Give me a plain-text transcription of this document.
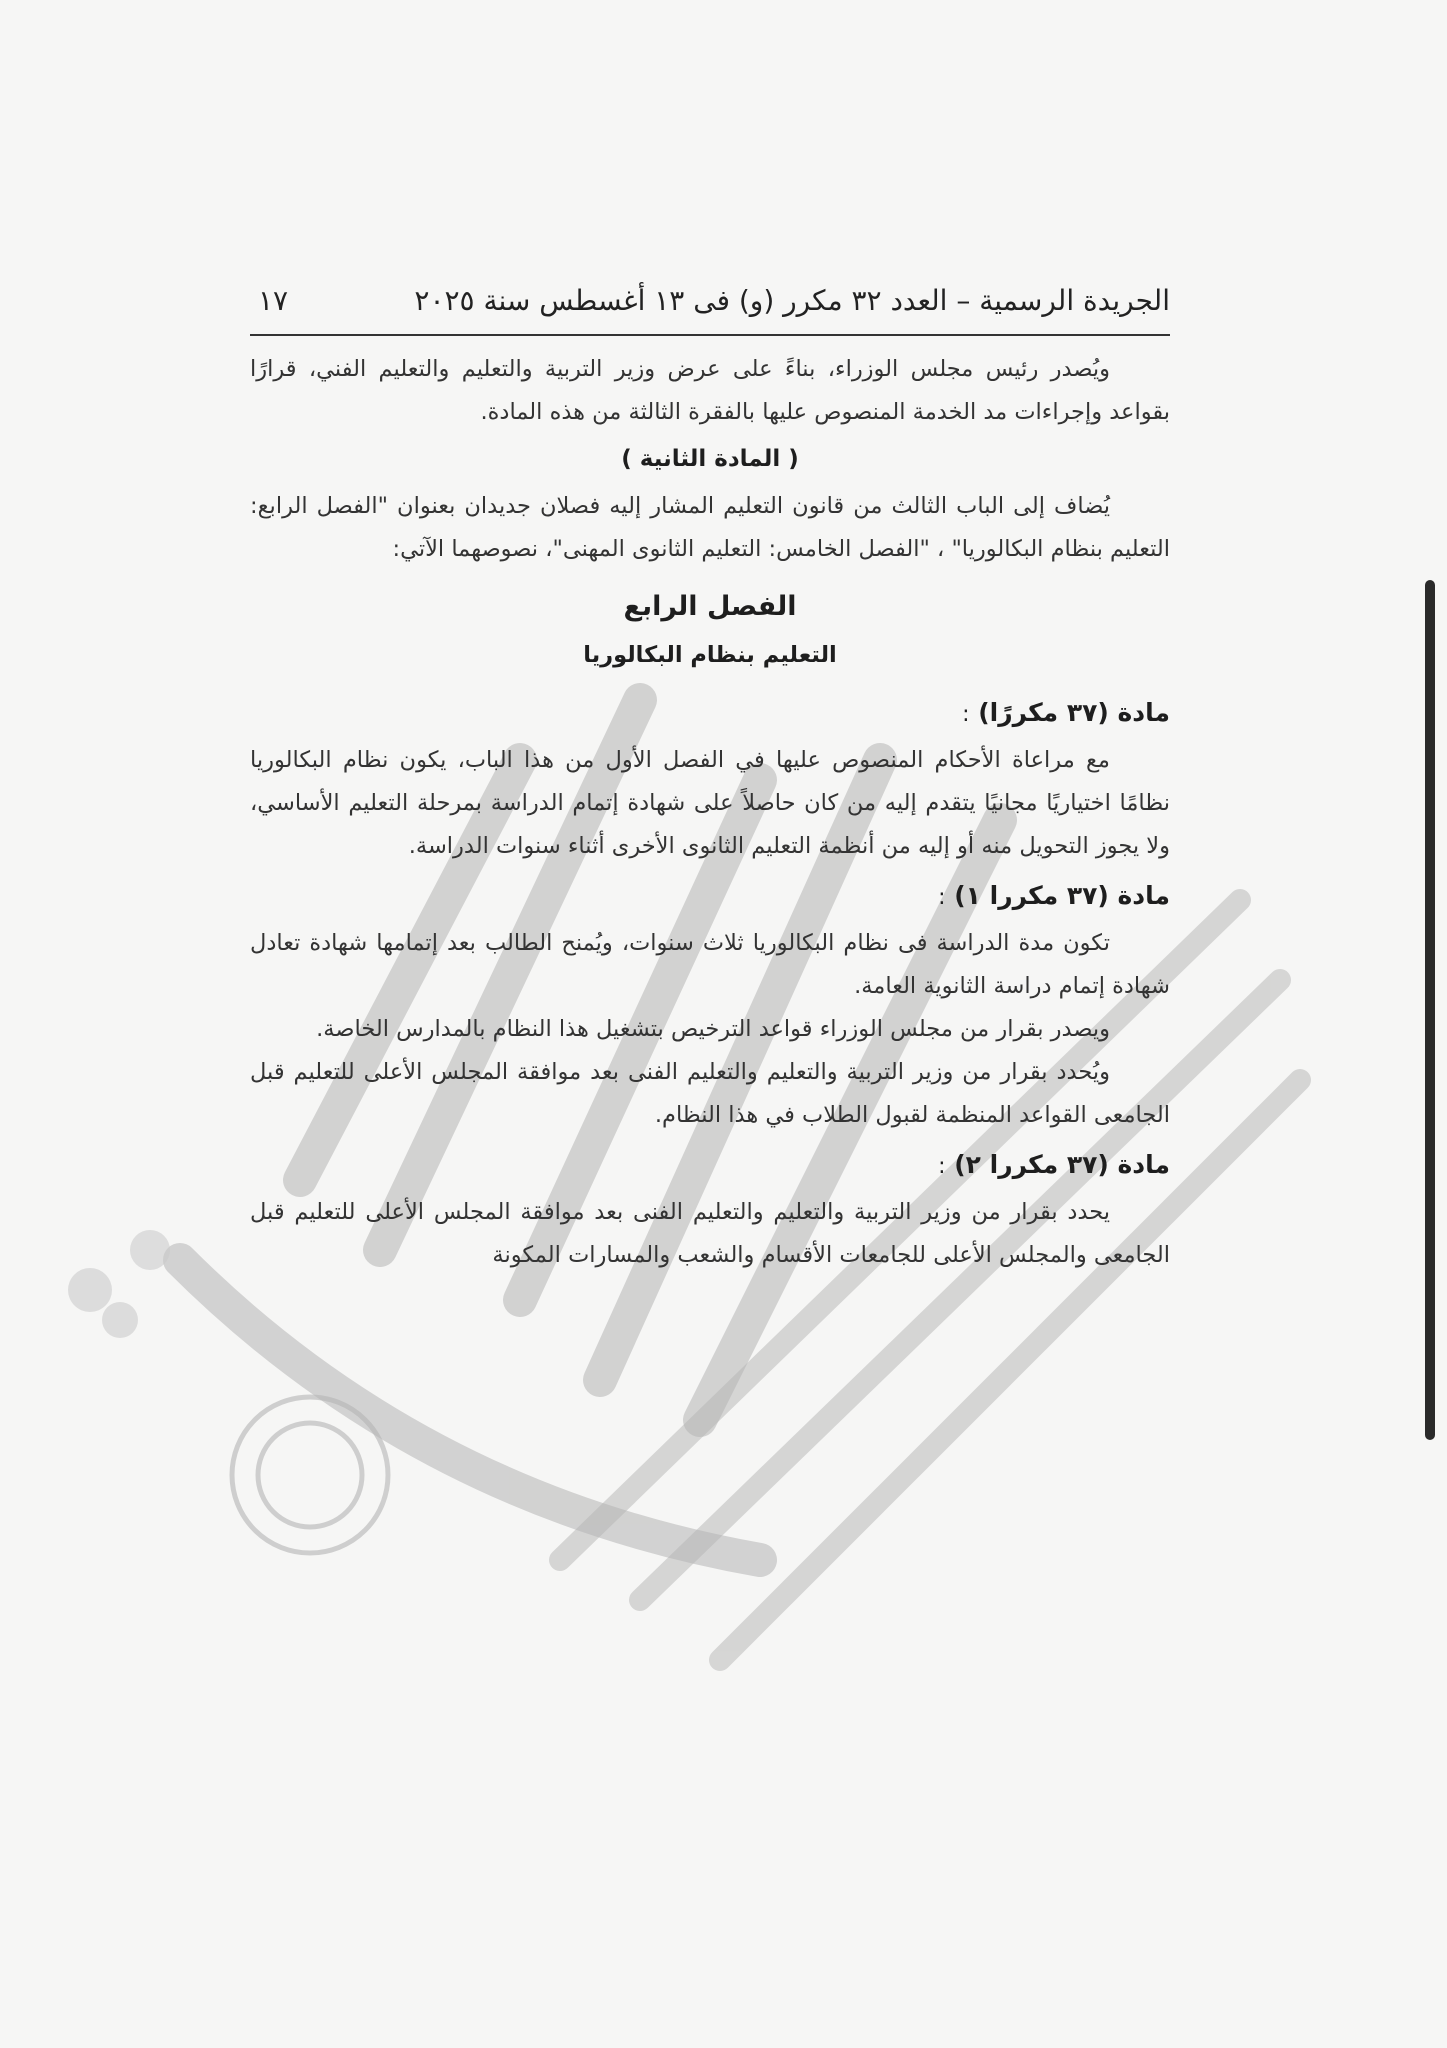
الجريدة الرسمية – العدد ٣٢ مكرر (و) فى ١٣ أغسطس سنة ٢٠٢٥
١٧

ويُصدر رئيس مجلس الوزراء، بناءً على عرض وزير التربية والتعليم والتعليم الفني، قرارًا بقواعد وإجراءات مد الخدمة المنصوص عليها بالفقرة الثالثة من هذه المادة.

( المادة الثانية )

يُضاف إلى الباب الثالث من قانون التعليم المشار إليه فصلان جديدان بعنوان "الفصل الرابع: التعليم بنظام البكالوريا" ، "الفصل الخامس: التعليم الثانوى المهنى"، نصوصهما الآتي:

الفصل الرابع

التعليم بنظام البكالوريا

مادة (٣٧ مكررًا) :

مع مراعاة الأحكام المنصوص عليها في الفصل الأول من هذا الباب، يكون نظام البكالوريا نظامًا اختياريًا مجانيًا يتقدم إليه من كان حاصلاً على شهادة إتمام الدراسة بمرحلة التعليم الأساسي، ولا يجوز التحويل منه أو إليه من أنظمة التعليم الثانوى الأخرى أثناء سنوات الدراسة.

مادة (٣٧ مكررا ١) :

تكون مدة الدراسة فى نظام البكالوريا ثلاث سنوات، ويُمنح الطالب بعد إتمامها شهادة تعادل شهادة إتمام دراسة الثانوية العامة.

ويصدر بقرار من مجلس الوزراء قواعد الترخيص بتشغيل هذا النظام بالمدارس الخاصة.

ويُحدد بقرار من وزير التربية والتعليم والتعليم الفنى بعد موافقة المجلس الأعلى للتعليم قبل الجامعى القواعد المنظمة لقبول الطلاب في هذا النظام.

مادة (٣٧ مكررا ٢) :

يحدد بقرار من وزير التربية والتعليم والتعليم الفنى بعد موافقة المجلس الأعلى للتعليم قبل الجامعى والمجلس الأعلى للجامعات الأقسام والشعب والمسارات المكونة
